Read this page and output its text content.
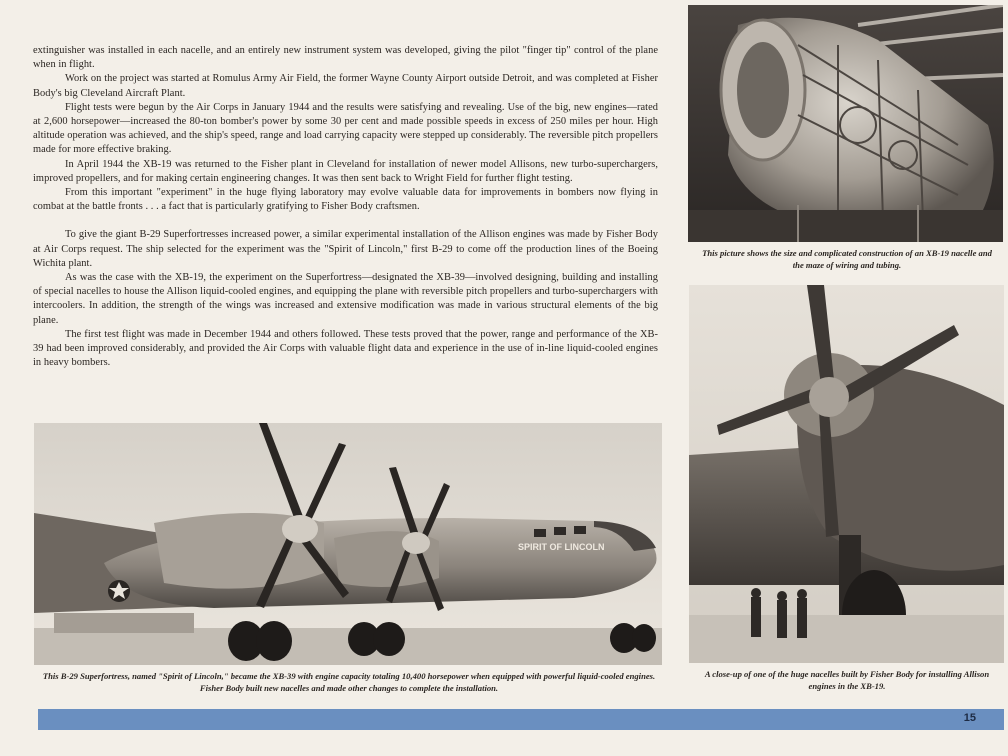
extinguisher was installed in each nacelle, and an entirely new instrument system was developed, giving the pilot "finger tip" control of the plane when in flight.

Work on the project was started at Romulus Army Air Field, the former Wayne County Airport outside Detroit, and was completed at Fisher Body's big Cleveland Aircraft Plant.

Flight tests were begun by the Air Corps in January 1944 and the results were satisfying and revealing. Use of the big, new engines—rated at 2,600 horsepower—increased the 80-ton bomber's power by some 30 per cent and made possible speeds in excess of 250 miles per hour. High altitude operation was achieved, and the ship's speed, range and load carrying capacity were stepped up considerably. The reversible pitch propellers made for more effective braking.

In April 1944 the XB-19 was returned to the Fisher plant in Cleveland for installation of newer model Allisons, new turbo-superchargers, improved propellers, and for making certain engineering changes. It was then sent back to Wright Field for further flight testing.

From this important "experiment" in the huge flying laboratory may evolve valuable data for improvements in bombers now flying in combat at the battle fronts . . . a fact that is particularly gratifying to Fisher Body craftsmen.

To give the giant B-29 Superfortresses increased power, a similar experimental installation of the Allison engines was made by Fisher Body at Air Corps request. The ship selected for the experiment was the "Spirit of Lincoln," first B-29 to come off the production lines of the Boeing Wichita plant.

As was the case with the XB-19, the experiment on the Superfortress—designated the XB-39—involved designing, building and installing of special nacelles to house the Allison liquid-cooled engines, and equipping the plane with reversible pitch propellers and turbo-superchargers with intercoolers. In addition, the strength of the wings was increased and extensive modification was made in various structural elements of the big plane.

The first test flight was made in December 1944 and others followed. These tests proved that the power, range and performance of the XB-39 had been improved considerably, and provided the Air Corps with valuable flight data and experience in the use of in-line liquid-cooled engines in heavy bombers.

This picture shows the size and complicated construction of an XB-19 nacelle and the maze of wiring and tubing.
A close-up of one of the huge nacelles built by Fisher Body for installing Allison engines in the XB-19.
SPIRIT OF LINCOLN
This B-29 Superfortress, named "Spirit of Lincoln," became the XB-39 with engine capacity totaling 10,400 horsepower when equipped with powerful liquid-cooled engines. Fisher Body built new nacelles and made other changes to complete the installation.
15
